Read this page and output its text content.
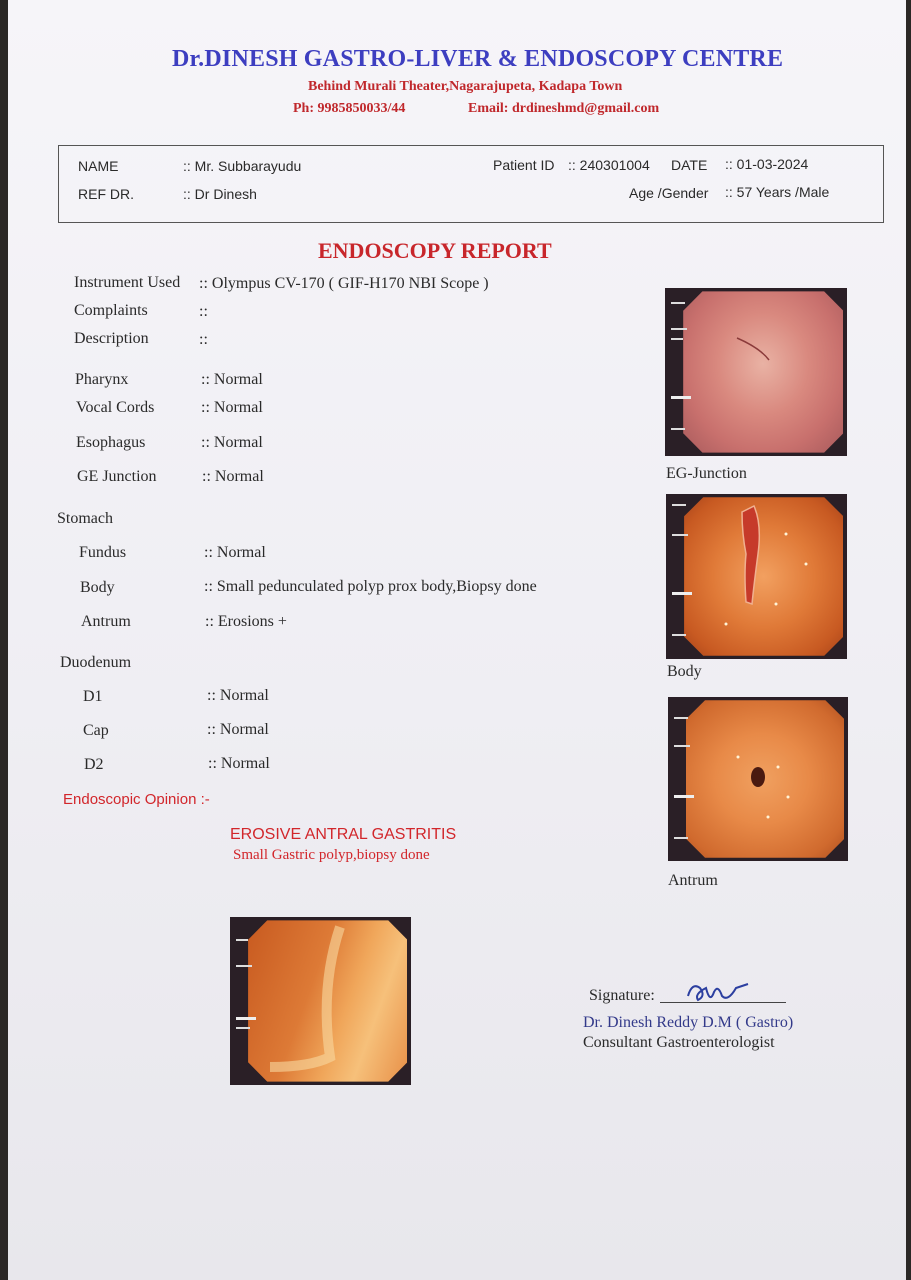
Dr.DINESH GASTRO-LIVER & ENDOSCOPY CENTRE
Behind Murali Theater,Nagarajupeta, Kadapa Town
Ph: 9985850033/44	Email: drdineshmd@gmail.com
NAME	:: Mr. Subbarayudu
REF DR.	:: Dr Dinesh
Patient ID :: 240301004 DATE :: 01-03-2024
Age /Gender :: 57 Years /Male
ENDOSCOPY REPORT
Instrument Used :: Olympus CV-170 ( GIF-H170 NBI Scope )
Complaints	::
Description	::
Pharynx	:: Normal
Vocal Cords	:: Normal
Esophagus	:: Normal
GE Junction	:: Normal
Stomach
Fundus	:: Normal
Body	:: Small pedunculated polyp prox body,Biopsy done
Antrum	:: Erosions +
Duodenum
D1	:: Normal
Cap	:: Normal
D2	:: Normal
Endoscopic Opinion :-
EROSIVE ANTRAL GASTRITIS
Small Gastric polyp,biopsy done
EG-Junction
Body
Antrum
Signature:
Dr. Dinesh Reddy D.M ( Gastro)
Consultant Gastroenterologist
